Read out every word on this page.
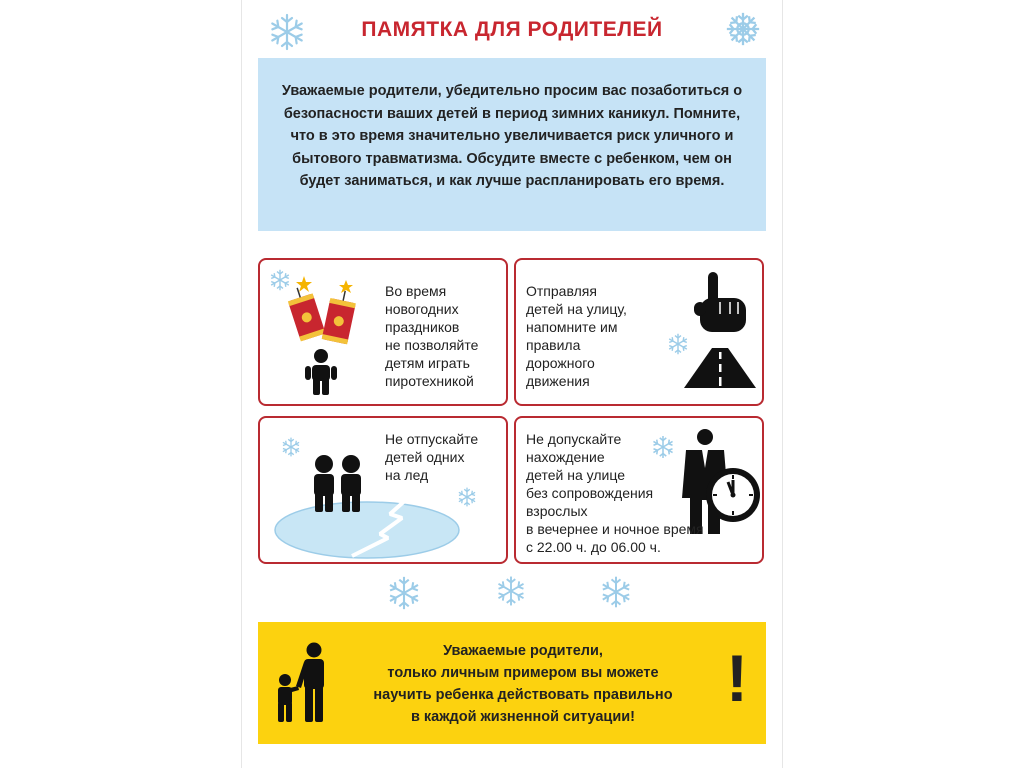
ПАМЯТКА ДЛЯ РОДИТЕЛЕЙ
Уважаемые родители, убедительно просим вас позаботиться о безопасности ваших детей в период зимних каникул. Помните, что в это время значительно увеличивается риск уличного и бытового травматизма. Обсудите вместе с ребенком, чем он будет заниматься, и как лучше распланировать его время.
Во время
новогодних
праздников
не позволяйте
детям играть
пиротехникой
Отправляя
детей на улицу,
напомните им
правила
дорожного
движения
Не отпускайте
детей одних
на лед
Не допускайте
нахождение
детей на улице
без сопровождения
взрослых
в вечернее и ночное время
с 22.00 ч. до 06.00 ч.
Уважаемые родители,
только личным примером вы можете
научить ребенка действовать правильно
в каждой жизненной ситуации!
!
